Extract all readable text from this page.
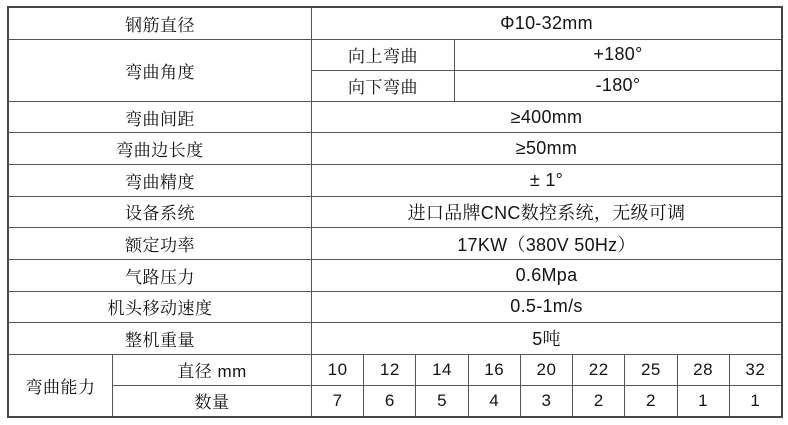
钢筋直径	Φ10-32mm
弯曲角度
向上弯曲	+180°
向下弯曲	-180°
弯曲间距	≥400mm
弯曲边长度	≥50mm
弯曲精度	± 1°
设备系统	进口品牌CNC数控系统，无级可调
额定功率	17KW（380V 50Hz）
气路压力	0.6Mpa
机头移动速度	0.5-1m/s
整机重量	5吨
弯曲能力
直径 mm	10	12	14	16	20	22	25	28	32
数量	7	6	5	4	3	2	2	1	1
